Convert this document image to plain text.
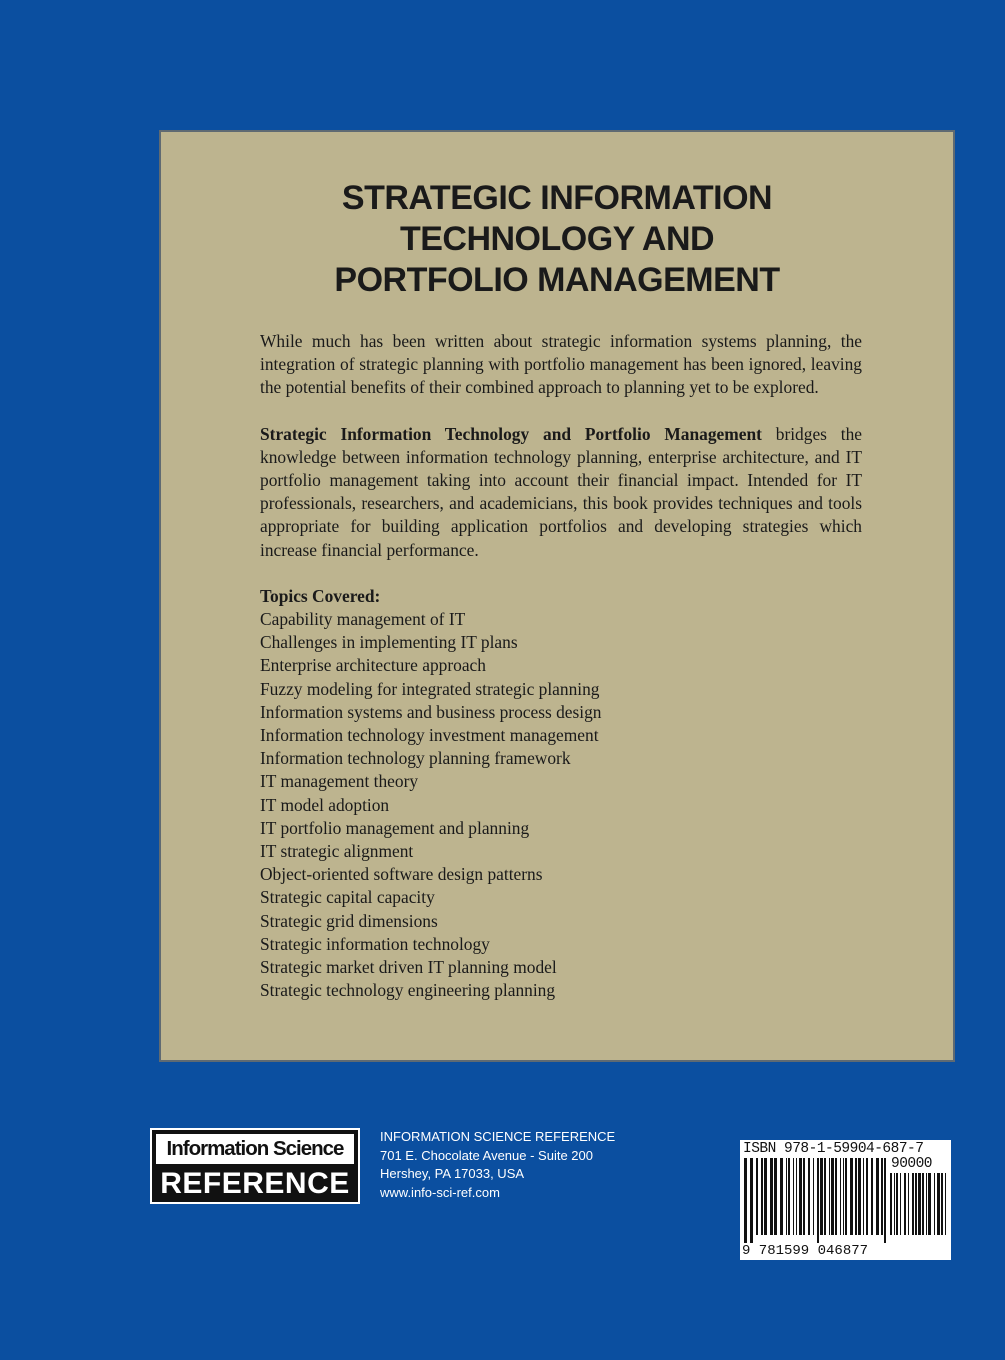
STRATEGIC INFORMATION
TECHNOLOGY AND
PORTFOLIO MANAGEMENT

While much has been written about strategic information systems planning, the integration of strategic planning with portfolio management has been ignored, leaving the potential benefits of their combined approach to planning yet to be explored.

Strategic Information Technology and Portfolio Management bridges the knowledge between information technology planning, enterprise architecture, and IT portfolio management taking into account their financial impact. Intended for IT professionals, researchers, and academicians, this book provides techniques and tools appropriate for building application portfolios and developing strategies which increase financial performance.

Topics Covered:
Capability management of IT
Challenges in implementing IT plans
Enterprise architecture approach
Fuzzy modeling for integrated strategic planning
Information systems and business process design
Information technology investment management
Information technology planning framework
IT management theory
IT model adoption
IT portfolio management and planning
IT strategic alignment
Object-oriented software design patterns
Strategic capital capacity
Strategic grid dimensions
Strategic information technology
Strategic market driven IT planning model
Strategic technology engineering planning
Information Science
REFERENCE
INFORMATION SCIENCE REFERENCE
701 E. Chocolate Avenue - Suite 200
Hershey, PA 17033, USA
www.info-sci-ref.com
ISBN 978-1-59904-687-7
90000
9 781599 046877
